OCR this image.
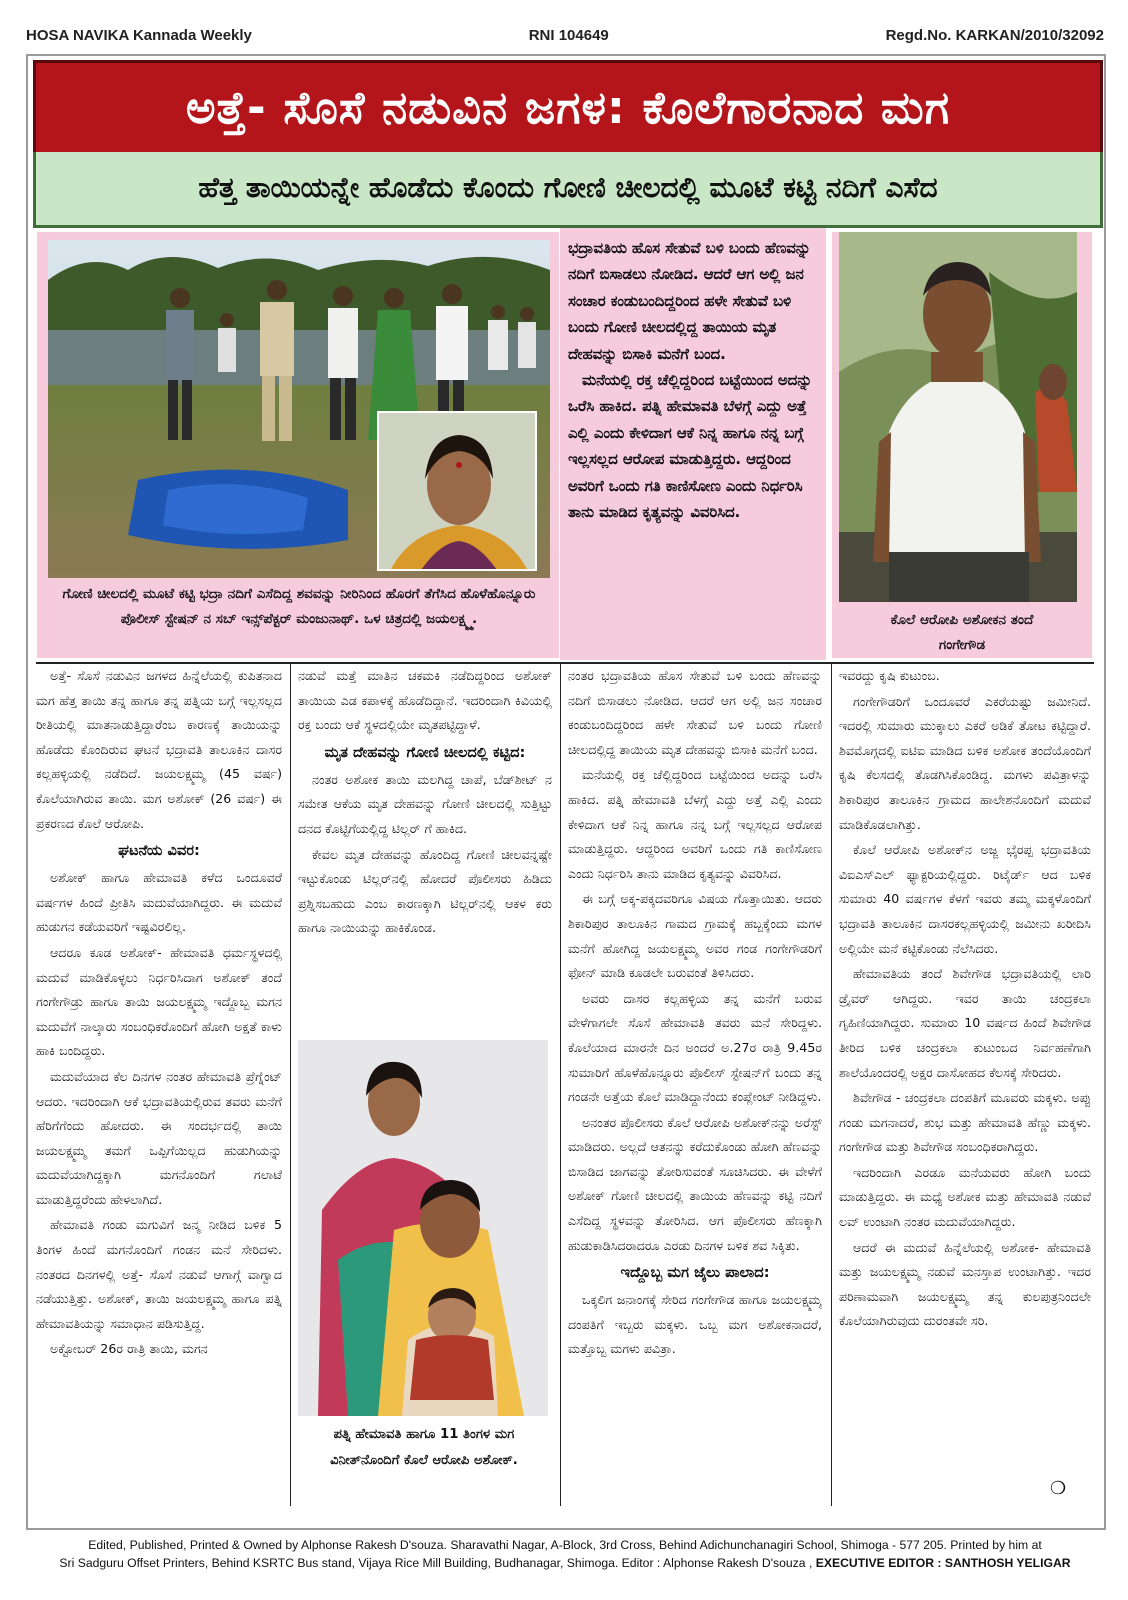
HOSA NAVIKA Kannada Weekly	RNI 104649	Regd.No. KARKAN/2010/32092
ಅತ್ತೆ- ಸೊಸೆ ನಡುವಿನ ಜಗಳ: ಕೊಲೆಗಾರನಾದ ಮಗ
ಹೆತ್ತ ತಾಯಿಯನ್ನೇ ಹೊಡೆದು ಕೊಂದು ಗೋಣಿ ಚೀಲದಲ್ಲಿ ಮೂಟೆ ಕಟ್ಟಿ ನದಿಗೆ ಎಸೆದ
ಗೋಣಿ ಚೀಲದಲ್ಲಿ ಮೂಟೆ ಕಟ್ಟಿ ಭದ್ರಾ ನದಿಗೆ ಎಸೆದಿದ್ದ ಶವವನ್ನು ನೀರಿನಿಂದ ಹೊರಗೆ ತೆಗೆಸಿದ ಹೊಳೆಹೊನ್ನೂರು ಪೊಲೀಸ್ ಸ್ಟೇಷನ್ ನ ಸಬ್ ಇನ್ಸ್‌ಪೆಕ್ಟರ್ ಮಂಜುನಾಥ್. ಒಳ ಚಿತ್ರದಲ್ಲಿ ಜಯಲಕ್ಷ್ಮ್ಮ.

ಭದ್ರಾವತಿಯ ಹೊಸ ಸೇತುವೆ ಬಳಿ ಬಂದು ಹೆಣವನ್ನು ನದಿಗೆ ಬಿಸಾಡಲು ನೋಡಿದ. ಆದರೆ ಆಗ ಅಲ್ಲಿ ಜನ ಸಂಚಾರ ಕಂಡುಬಂದಿದ್ದರಿಂದ ಹಳೇ ಸೇತುವೆ ಬಳಿ ಬಂದು ಗೋಣಿ ಚೀಲದಲ್ಲಿದ್ದ ತಾಯಿಯ ಮೃತ ದೇಹವನ್ನು ಬಿಸಾಕಿ ಮನೆಗೆ ಬಂದ.

ಮನೆಯಲ್ಲಿ ರಕ್ತ ಚೆಲ್ಲಿದ್ದರಿಂದ ಬಟ್ಟೆಯಿಂದ ಅದನ್ನು ಒರೆಸಿ ಹಾಕಿದ. ಪತ್ನಿ ಹೇಮಾವತಿ ಬೆಳಗ್ಗೆ ಎದ್ದು ಅತ್ತೆ ಎಲ್ಲಿ ಎಂದು ಕೇಳಿದಾಗ ಆಕೆ ನಿನ್ನ ಹಾಗೂ ನನ್ನ ಬಗ್ಗೆ ಇಲ್ಲಸಲ್ಲದ ಆರೋಪ ಮಾಡುತ್ತಿದ್ದರು. ಆದ್ದರಿಂದ ಅವರಿಗೆ ಒಂದು ಗತಿ ಕಾಣಿಸೋಣ ಎಂದು ನಿರ್ಧರಿಸಿ ತಾನು ಮಾಡಿದ ಕೃತ್ಯವನ್ನು ವಿವರಿಸಿದ.

ಕೊಲೆ ಆರೋಪಿ ಅಶೋಕನ ತಂದೆ ಗಂಗೇಗೌಡ

ಅತ್ತೆ- ಸೊಸೆ ನಡುವಿನ ಜಗಳದ ಹಿನ್ನೆಲೆಯಲ್ಲಿ ಕುಪಿತನಾದ ಮಗ ಹೆತ್ತ ತಾಯಿ ತನ್ನ ಹಾಗೂ ತನ್ನ ಪತ್ನಿಯ ಬಗ್ಗೆ ಇಲ್ಲಸಲ್ಲದ ರೀತಿಯಲ್ಲಿ ಮಾತನಾಡುತ್ತಿದ್ದಾರೆಂಬ ಕಾರಣಕ್ಕೆ ತಾಯಿಯನ್ನು ಹೊಡೆದು ಕೊಂದಿರುವ ಘಟನೆ ಭದ್ರಾವತಿ ತಾಲೂಕಿನ ದಾಸರ ಕಲ್ಲಹಳ್ಳಿಯಲ್ಲಿ ನಡೆದಿದೆ. ಜಯಲಕ್ಷ್ಮಮ್ಮ (45 ವರ್ಷ) ಕೊಲೆಯಾಗಿರುವ ತಾಯಿ. ಮಗ ಅಶೋಕ್ (26 ವರ್ಷ) ಈ ಪ್ರಕರಣದ ಕೊಲೆ ಆರೋಪಿ.

ಘಟನೆಯ ವಿವರ:

ಅಶೋಕ್ ಹಾಗೂ ಹೇಮಾವತಿ ಕಳೆದ ಒಂದೂವರೆ ವರ್ಷಗಳ ಹಿಂದೆ ಪ್ರೀತಿಸಿ ಮದುವೆಯಾಗಿದ್ದರು. ಈ ಮದುವೆ ಹುಡುಗನ ಕಡೆಯವರಿಗೆ ಇಷ್ಟವಿರಲಿಲ್ಲ.

ಆದರೂ ಕೂಡ ಅಶೋಕ್- ಹೇಮಾವತಿ ಧರ್ಮಸ್ಥಳದಲ್ಲಿ ಮದುವೆ ಮಾಡಿಕೊಳ್ಳಲು ನಿರ್ಧರಿಸಿದಾಗ ಅಶೋಕ್ ತಂದೆ ಗಂಗೇಗೌಡ್ರು ಹಾಗೂ ತಾಯಿ ಜಯಲಕ್ಷ್ಮಮ್ಮ ಇದ್ದೊಬ್ಬ ಮಗನ ಮದುವೆಗೆ ನಾಲ್ಕಾರು ಸಂಬಂಧಿಕರೊಂದಿಗೆ ಹೋಗಿ ಅಕ್ಷತೆ ಕಾಳು ಹಾಕಿ ಬಂದಿದ್ದರು.

ಮದುವೆಯಾದ ಕೆಲ ದಿನಗಳ ನಂತರ ಹೇಮಾವತಿ ಪ್ರೆಗ್ನೆಂಟ್ ಆದರು. ಇದರಿಂದಾಗಿ ಆಕೆ ಭದ್ರಾವತಿಯಲ್ಲಿರುವ ತವರು ಮನೆಗೆ ಹೆರಿಗೆಗೆಂದು ಹೋದರು. ಈ ಸಂದರ್ಭದಲ್ಲಿ ತಾಯಿ ಜಯಲಕ್ಷ್ಮಮ್ಮ ತಮಗೆ ಒಪ್ಪಿಗೆಯಿಲ್ಲದ ಹುಡುಗಿಯನ್ನು ಮದುವೆಯಾಗಿದ್ದಕ್ಕಾಗಿ ಮಗನೊಂದಿಗೆ ಗಲಾಟೆ ಮಾಡುತ್ತಿದ್ದರೆಂದು ಹೇಳಲಾಗಿದೆ.

ಹೇಮಾವತಿ ಗಂಡು ಮಗುವಿಗೆ ಜನ್ಮ ನೀಡಿದ ಬಳಿಕ 5 ತಿಂಗಳ ಹಿಂದೆ ಮಗನೊಂದಿಗೆ ಗಂಡನ ಮನೆ ಸೇರಿದಳು. ನಂತರದ ದಿನಗಳಲ್ಲಿ ಅತ್ತೆ- ಸೊಸೆ ನಡುವೆ ಆಗಾಗ್ಗೆ ವಾಗ್ವಾದ ನಡೆಯುತ್ತಿತ್ತು. ಅಶೋಕ್, ತಾಯಿ ಜಯಲಕ್ಷ್ಮಮ್ಮ ಹಾಗೂ ಪತ್ನಿ ಹೇಮಾವತಿಯನ್ನು ಸಮಾಧಾನ ಪಡಿಸುತ್ತಿದ್ದ.

ಅಕ್ಟೋಬರ್ 26ರ ರಾತ್ರಿ ತಾಯಿ, ಮಗನ

ನಡುವೆ ಮತ್ತೆ ಮಾತಿನ ಚಕಮಕಿ ನಡೆದಿದ್ದರಿಂದ ಅಶೋಕ್ ತಾಯಿಯ ಎಡ ಕಪಾಳಕ್ಕೆ ಹೊಡೆದಿದ್ದಾನೆ. ಇದರಿಂದಾಗಿ ಕಿವಿಯಲ್ಲಿ ರಕ್ತ ಬಂದು ಆಕೆ ಸ್ಥಳದಲ್ಲಿಯೇ ಮೃತಪಟ್ಟಿದ್ದಾಳೆ.

ಮೃತ ದೇಹವನ್ನು ಗೋಣಿ ಚೀಲದಲ್ಲಿ ಕಟ್ಟಿದ:

ನಂತರ ಅಶೋಕ ತಾಯಿ ಮಲಗಿದ್ದ ಚಾಪೆ, ಬೆಡ್‌ಶೀಟ್ ನ ಸಮೇತ ಆಕೆಯ ಮೃತ ದೇಹವನ್ನು ಗೋಣಿ ಚೀಲದಲ್ಲಿ ಸುತ್ತಿಟ್ಟು ದನದ ಕೊಟ್ಟಿಗೆಯಲ್ಲಿದ್ದ ಟಿಲ್ಲರ್ ಗೆ ಹಾಕಿದ.

ಕೇವಲ ಮೃತ ದೇಹವನ್ನು ಹೊಂದಿದ್ದ ಗೋಣಿ ಚೀಲವನ್ನಷ್ಟೇ ಇಟ್ಟುಕೊಂಡು ಟಿಲ್ಲರ್‌ನಲ್ಲಿ ಹೋದರೆ ಪೊಲೀಸರು ಹಿಡಿದು ಪ್ರಶ್ನಿಸಬಹುದು ಎಂಬ ಕಾರಣಕ್ಕಾಗಿ ಟಿಲ್ಲರ್‌ನಲ್ಲಿ ಆಕಳ ಕರು ಹಾಗೂ ನಾಯಿಯನ್ನು ಹಾಕಿಕೊಂಡ.

ಪತ್ನಿ ಹೇಮಾವತಿ ಹಾಗೂ 11 ತಿಂಗಳ ಮಗ ವಿನೀತ್‌ನೊಂದಿಗೆ ಕೊಲೆ ಆರೋಪಿ ಅಶೋಕ್.

ನಂತರ ಭದ್ರಾವತಿಯ ಹೊಸ ಸೇತುವೆ ಬಳಿ ಬಂದು ಹೆಣವನ್ನು ನದಿಗೆ ಬಿಸಾಡಲು ನೋಡಿದ. ಆದರೆ ಆಗ ಅಲ್ಲಿ ಜನ ಸಂಚಾರ ಕಂಡುಬಂದಿದ್ದರಿಂದ ಹಳೇ ಸೇತುವೆ ಬಳಿ ಬಂದು ಗೋಣಿ ಚೀಲದಲ್ಲಿದ್ದ ತಾಯಿಯ ಮೃತ ದೇಹವನ್ನು ಬಿಸಾಕಿ ಮನೆಗೆ ಬಂದ.

ಮನೆಯಲ್ಲಿ ರಕ್ತ ಚೆಲ್ಲಿದ್ದರಿಂದ ಬಟ್ಟೆಯಿಂದ ಅದನ್ನು ಒರೆಸಿ ಹಾಕಿದ. ಪತ್ನಿ ಹೇಮಾವತಿ ಬೆಳಗ್ಗೆ ಎದ್ದು ಅತ್ತೆ ಎಲ್ಲಿ ಎಂದು ಕೇಳಿದಾಗ ಆಕೆ ನಿನ್ನ ಹಾಗೂ ನನ್ನ ಬಗ್ಗೆ ಇಲ್ಲಸಲ್ಲದ ಆರೋಪ ಮಾಡುತ್ತಿದ್ದರು. ಆದ್ದರಿಂದ ಅವರಿಗೆ ಒಂದು ಗತಿ ಕಾಣಿಸೋಣ ಎಂದು ನಿರ್ಧರಿಸಿ ತಾನು ಮಾಡಿದ ಕೃತ್ಯವನ್ನು ವಿವರಿಸಿದ.

ಈ ಬಗ್ಗೆ ಅಕ್ಕ-ಪಕ್ಕದವರಿಗೂ ವಿಷಯ ಗೊತ್ತಾಯಿತು. ಆದರು ಶಿಕಾರಿಪುರ ತಾಲೂಕಿನ ಗಾಮದ ಗ್ರಾಮಕ್ಕೆ ಹಬ್ಬಕ್ಕೆಂದು ಮಗಳ ಮನೆಗೆ ಹೋಗಿದ್ದ ಜಯಲಕ್ಷ್ಮಮ್ಮ ಅವರ ಗಂಡ ಗಂಗೇಗೌಡರಿಗೆ ಫೋನ್ ಮಾಡಿ ಕೂಡಲೇ ಬರುವಂತೆ ತಿಳಿಸಿದರು.

ಅವರು ದಾಸರ ಕಲ್ಲಹಳ್ಳಿಯ ತನ್ನ ಮನೆಗೆ ಬರುವ ವೇಳೆಗಾಗಲೇ ಸೊಸೆ ಹೇಮಾವತಿ ತವರು ಮನೆ ಸೇರಿದ್ದಳು. ಕೊಲೆಯಾದ ಮಾರನೇ ದಿನ ಅಂದರೆ ಅ.27ರ ರಾತ್ರಿ 9.45ರ ಸುಮಾರಿಗೆ ಹೊಳೆಹೊನ್ನೂರು ಪೊಲೀಸ್ ಸ್ಟೇಷನ್‌ಗೆ ಬಂದು ತನ್ನ ಗಂಡನೇ ಅತ್ತೆಯ ಕೊಲೆ ಮಾಡಿದ್ದಾನೆಂದು ಕಂಪ್ಲೇಂಟ್ ನೀಡಿದ್ದಳು.

ಅನಂತರ ಪೊಲೀಸರು ಕೊಲೆ ಆರೋಪಿ ಅಶೋಕ್‌ನನ್ನು ಅರೆಸ್ಟ್ ಮಾಡಿದರು. ಅಲ್ಲದೆ ಆತನನ್ನು ಕರೆದುಕೊಂಡು ಹೋಗಿ ಹೆಣವನ್ನು ಬಿಸಾಡಿದ ಜಾಗವನ್ನು ತೋರಿಸುವಂತೆ ಸೂಚಿಸಿದರು. ಈ ವೇಳೆಗೆ ಅಶೋಕ್ ಗೋಣಿ ಚೀಲದಲ್ಲಿ ತಾಯಿಯ ಹೆಣವನ್ನು ಕಟ್ಟಿ ನದಿಗೆ ಎಸೆದಿದ್ದ ಸ್ಥಳವನ್ನು ತೋರಿಸಿದ. ಆಗ ಪೊಲೀಸರು ಹೆಣಕ್ಕಾಗಿ ಹುಡುಕಾಡಿಸಿದರಾದರೂ ಎರಡು ದಿನಗಳ ಬಳಿಕ ಶವ ಸಿಕ್ಕಿತು.

ಇದ್ದೊಬ್ಬ ಮಗ ಜೈಲು ಪಾಲಾದ:

ಒಕ್ಕಲಿಗ ಜನಾಂಗಕ್ಕೆ ಸೇರಿದ ಗಂಗೇಗೌಡ ಹಾಗೂ ಜಯಲಕ್ಷ್ಮಮ್ಮ ದಂಪತಿಗೆ ಇಬ್ಬರು ಮಕ್ಕಳು. ಒಬ್ಬ ಮಗ ಅಶೋಕನಾದರೆ, ಮತ್ತೊಬ್ಬ ಮಗಳು ಪವಿತ್ರಾ.

ಇವರದ್ದು ಕೃಷಿ ಕುಟುಂಬ.

ಗಂಗೇಗೌಡರಿಗೆ ಒಂದೂವರೆ ಎಕರೆಯಷ್ಟು ಜಮೀನಿದೆ. ಇದರಲ್ಲಿ ಸುಮಾರು ಮುಕ್ಕಾಲು ಎಕರೆ ಅಡಿಕೆ ತೋಟ ಕಟ್ಟಿದ್ದಾರೆ. ಶಿವಮೊಗ್ಗದಲ್ಲಿ ಐಟಿಐ ಮಾಡಿದ ಬಳಿಕ ಅಶೋಕ ತಂದೆಯೊಂದಿಗೆ ಕೃಷಿ ಕೆಲಸದಲ್ಲಿ ತೊಡಗಿಸಿಕೊಂಡಿದ್ದ. ಮಗಳು ಪವಿತ್ರಾಳನ್ನು ಶಿಕಾರಿಪುರ ತಾಲೂಕಿನ ಗ್ರಾಮದ ಹಾಲೇಶನೊಂದಿಗೆ ಮದುವೆ ಮಾಡಿಕೊಡಲಾಗಿತ್ತು.

ಕೊಲೆ ಆರೋಪಿ ಅಶೋಕ್‌ನ ಅಜ್ಜ ಭೈರಪ್ಪ ಭದ್ರಾವತಿಯ ವಿಐಎಸ್‌ಎಲ್ ಫ್ಯಾಕ್ಟರಿಯಲ್ಲಿದ್ದರು. ರಿಟೈರ್ಡ್ ಆದ ಬಳಿಕ ಸುಮಾರು 40 ವರ್ಷಗಳ ಕೆಳಗೆ ಇವರು ತಮ್ಮ ಮಕ್ಕಳೊಂದಿಗೆ ಭದ್ರಾವತಿ ತಾಲೂಕಿನ ದಾಸರಕಲ್ಲಹಳ್ಳಿಯಲ್ಲಿ ಜಮೀನು ಖರೀದಿಸಿ ಅಲ್ಲಿಯೇ ಮನೆ ಕಟ್ಟಿಕೊಂಡು ನೆಲೆಸಿದರು.

ಹೇಮಾವತಿಯ ತಂದೆ ಶಿವೇಗೌಡ ಭದ್ರಾವತಿಯಲ್ಲಿ ಲಾರಿ ಡ್ರೈವರ್ ಆಗಿದ್ದರು. ಇವರ ತಾಯಿ ಚಂದ್ರಕಲಾ ಗೃಹಿಣಿಯಾಗಿದ್ದರು. ಸುಮಾರು 10 ವರ್ಷದ ಹಿಂದೆ ಶಿವೇಗೌಡ ತೀರಿದ ಬಳಿಕ ಚಂದ್ರಕಲಾ ಕುಟುಂಬದ ನಿರ್ವಹಣೆಗಾಗಿ ಶಾಲೆಯೊಂದರಲ್ಲಿ ಅಕ್ಷರ ದಾಸೋಹದ ಕೆಲಸಕ್ಕೆ ಸೇರಿದರು.

ಶಿವೇಗೌಡ - ಚಂದ್ರಕಲಾ ದಂಪತಿಗೆ ಮೂವರು ಮಕ್ಕಳು. ಅಪ್ಪು ಗಂಡು ಮಗನಾದರೆ, ಶುಭ ಮತ್ತು ಹೇಮಾವತಿ ಹೆಣ್ಣು ಮಕ್ಕಳು. ಗಂಗೇಗೌಡ ಮತ್ತು ಶಿವೇಗೌಡ ಸಂಬಂಧಿಕರಾಗಿದ್ದರು.

ಇದರಿಂದಾಗಿ ಎರಡೂ ಮನೆಯವರು ಹೋಗಿ ಬಂದು ಮಾಡುತ್ತಿದ್ದರು. ಈ ಮಧ್ಯೆ ಅಶೋಕ ಮತ್ತು ಹೇಮಾವತಿ ನಡುವೆ ಲವ್ ಉಂಟಾಗಿ ನಂತರ ಮದುವೆಯಾಗಿದ್ದರು.

ಆದರೆ ಈ ಮದುವೆ ಹಿನ್ನೆಲೆಯಲ್ಲಿ ಅಶೋಕ- ಹೇಮಾವತಿ ಮತ್ತು ಜಯಲಕ್ಷ್ಮಮ್ಮ ನಡುವೆ ಮನಸ್ತಾಪ ಉಂಟಾಗಿತ್ತು. ಇದರ ಪರಿಣಾಮವಾಗಿ ಜಯಲಕ್ಷ್ಮಮ್ಮ ತನ್ನ ಕುಲಪುತ್ರನಿಂದಲೇ ಕೊಲೆಯಾಗಿರುವುದು ದುರಂತವೇ ಸರಿ.

❍
Edited, Published, Printed & Owned by Alphonse Rakesh D'souza. Sharavathi Nagar, A-Block, 3rd Cross, Behind Adichunchanagiri School, Shimoga - 577 205. Printed by him at
Sri Sadguru Offset Printers, Behind KSRTC Bus stand, Vijaya Rice Mill Building, Budhanagar, Shimoga. Editor : Alphonse Rakesh D'souza , EXECUTIVE EDITOR : SANTHOSH YELIGAR
